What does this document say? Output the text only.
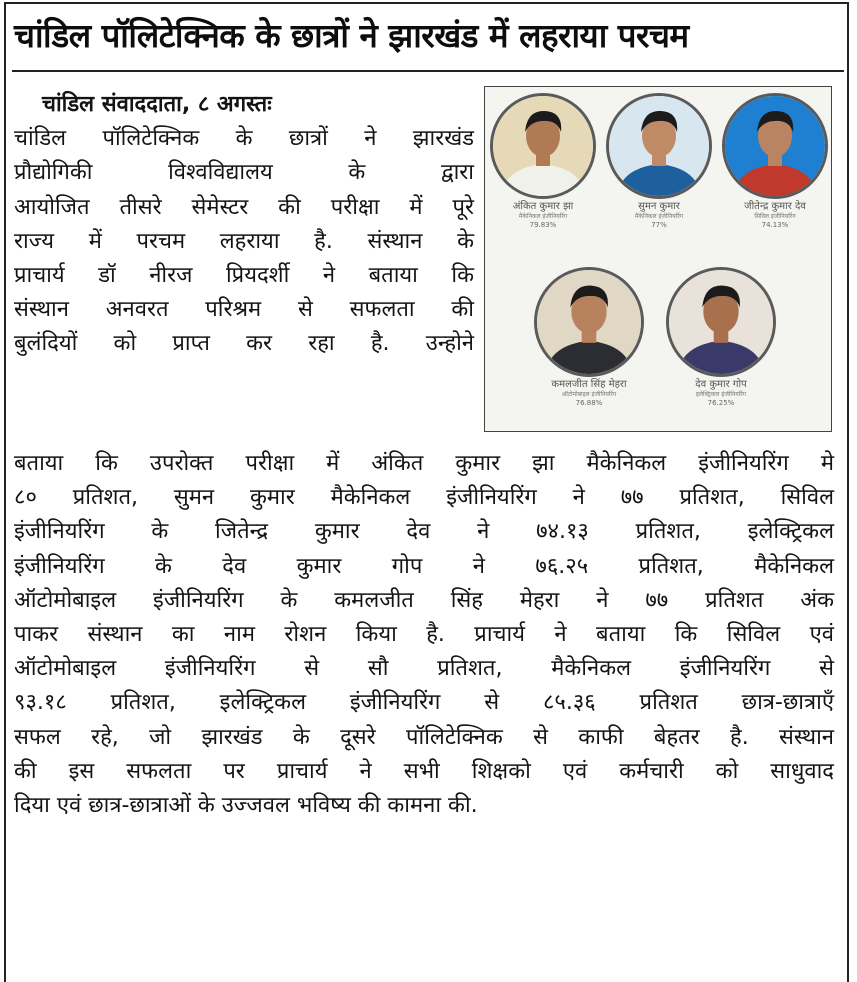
चांडिल पॉलिटेक्निक के छात्रों ने झारखंड में लहराया परचम
अंकित कुमार झा
मैकेनिकल इंजीनियरिंग
79.83%
सुमन कुमार
मैकेनिकल इंजीनियरिंग
77%
जीतेन्द्र कुमार देव
सिविल इंजीनियरिंग
74.13%
कमलजीत सिंह मेहरा
ऑटोमोबाइल इंजीनियरिंग
76.88%
देव कुमार गोप
इलेक्ट्रिकल इंजीनियरिंग
76.25%
चांडिल संवाददाता, ८ अगस्तः
चांडिल पॉलिटेक्निक के छात्रों ने झारखंड
प्रौद्योगिकी विश्वविद्यालय के द्वारा
आयोजित तीसरे सेमेस्टर की परीक्षा में पूरे
राज्य में परचम लहराया है. संस्थान के
प्राचार्य डॉ नीरज प्रियदर्शी ने बताया कि
संस्थान अनवरत परिश्रम से सफलता की
बुलंदियों को प्राप्त कर रहा है. उन्होने
बताया कि उपरोक्त परीक्षा में अंकित कुमार झा मैकेनिकल इंजीनियरिंग मे
८० प्रतिशत, सुमन कुमार मैकेनिकल इंजीनियरिंग ने ७७ प्रतिशत, सिविल
इंजीनियरिंग के जितेन्द्र कुमार देव ने ७४.१३ प्रतिशत, इलेक्ट्रिकल
इंजीनियरिंग के देव कुमार गोप ने ७६.२५ प्रतिशत, मैकेनिकल
ऑटोमोबाइल इंजीनियरिंग के कमलजीत सिंह मेहरा ने ७७ प्रतिशत अंक
पाकर संस्थान का नाम रोशन किया है. प्राचार्य ने बताया कि सिविल एवं
ऑटोमोबाइल इंजीनियरिंग से सौ प्रतिशत, मैकेनिकल इंजीनियरिंग से
९३.१८ प्रतिशत, इलेक्ट्रिकल इंजीनियरिंग से ८५.३६ प्रतिशत छात्र-छात्राएँ
सफल रहे, जो झारखंड के दूसरे पॉलिटेक्निक से काफी बेहतर है. संस्थान
की इस सफलता पर प्राचार्य ने सभी शिक्षको एवं कर्मचारी को साधुवाद
दिया एवं छात्र-छात्राओं के उज्जवल भविष्य की कामना की.
